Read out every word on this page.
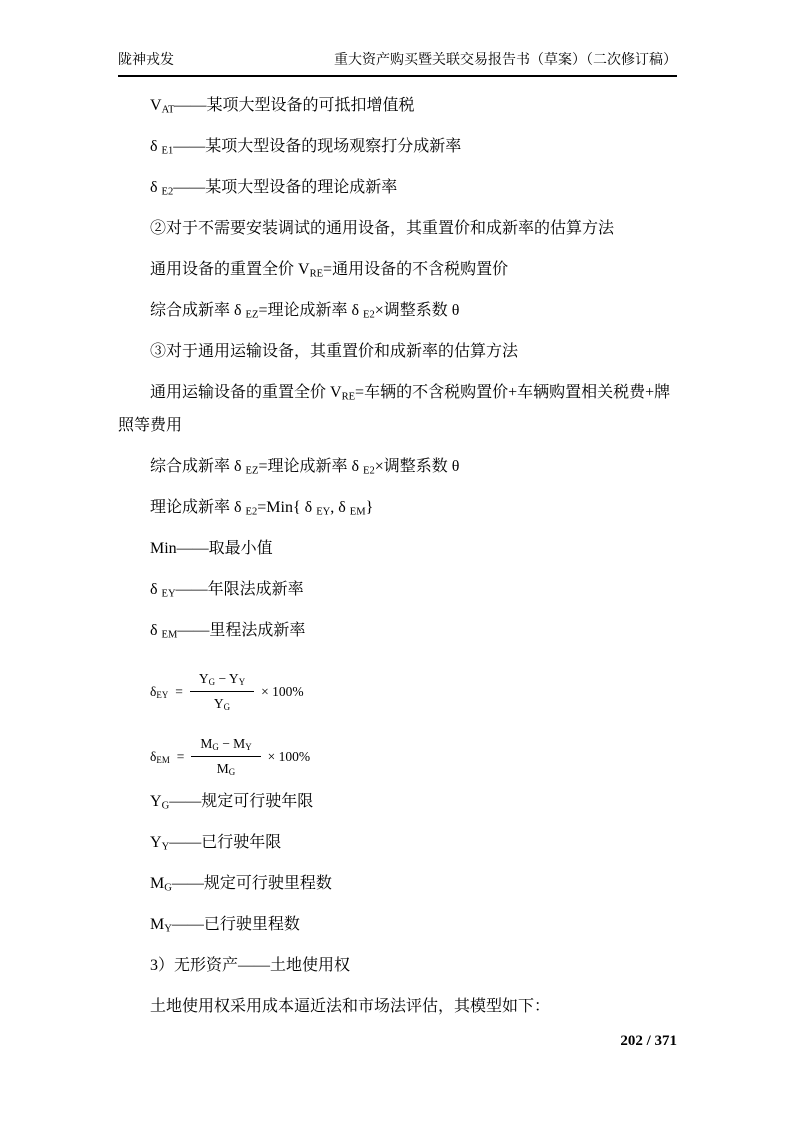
陇神戎发	重大资产购买暨关联交易报告书（草案）（二次修订稿）

$V_{AT}——$某项大型设备的可抵扣增值税

δ $_{E1}$——某项大型设备的现场观察打分成新率

δ $_{E2}$——某项大型设备的理论成新率

②对于不需要安装调试的通用设备，其重置价和成新率的估算方法

通用设备的重置全价 $V_{RE}=$通用设备的不含税购置价

综合成新率 δ $_{EZ}$=理论成新率 δ $_{E2}$×调整系数 θ

③对于通用运输设备，其重置价和成新率的估算方法

通用运输设备的重置全价 $V_{RE}=$车辆的不含税购置价+车辆购置相关税费+牌照等费用

综合成新率 δ $_{EZ}$=理论成新率 δ $_{E2}$×调整系数 θ

理论成新率 δ $_{E2}$=Min{ δ $_{EY}$, δ $_{EM}$}

Min——取最小值

δ $_{EY}$——年限法成新率

δ $_{EM}$——里程法成新率

$\delta_{EY} = \frac{Y_G - Y_Y}{Y_G} \times 100\%$

$\delta_{EM} = \frac{M_G - M_Y}{M_G} \times 100\%$

$Y_G——$规定可行驶年限

$Y_Y——$已行驶年限

$M_G——$规定可行驶里程数

$M_Y——$已行驶里程数

3）无形资产——土地使用权

土地使用权采用成本逼近法和市场法评估，其模型如下：

202 / 371
